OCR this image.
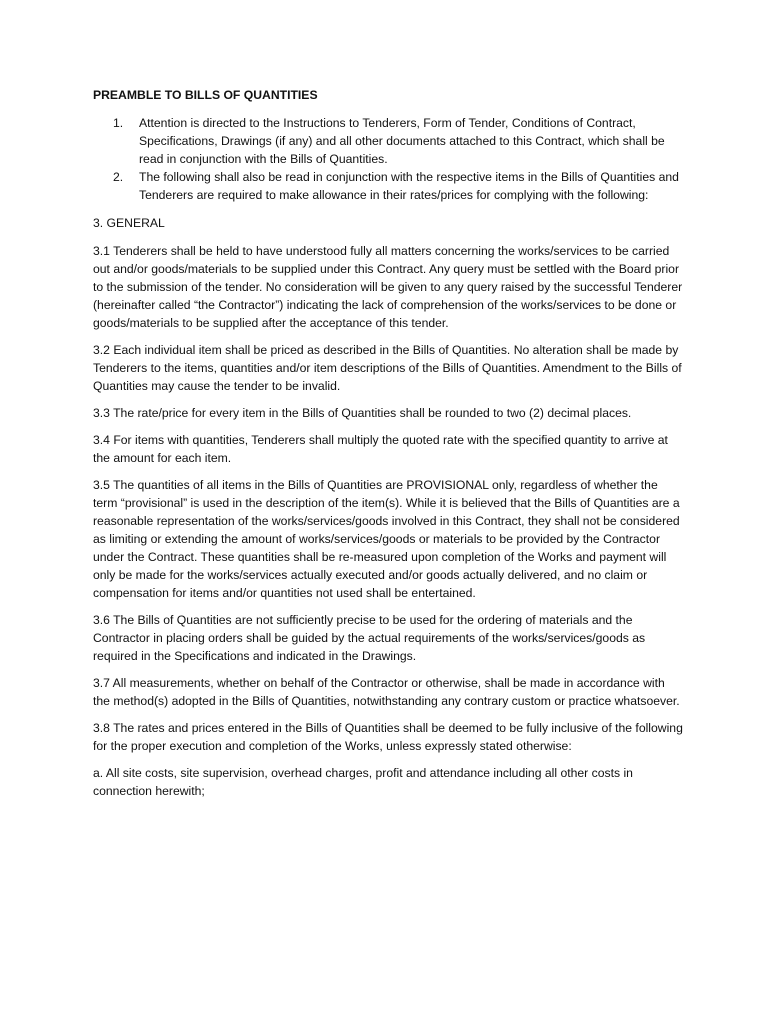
PREAMBLE TO BILLS OF QUANTITIES
1.	Attention is directed to the Instructions to Tenderers, Form of Tender, Conditions of Contract, Specifications, Drawings (if any) and all other documents attached to this Contract, which shall be read in conjunction with the Bills of Quantities.
2.	The following shall also be read in conjunction with the respective items in the Bills of Quantities and Tenderers are required to make allowance in their rates/prices for complying with the following:
3. GENERAL

3.1 Tenderers shall be held to have understood fully all matters concerning the works/services to be carried out and/or goods/materials to be supplied under this Contract. Any query must be settled with the Board prior to the submission of the tender. No consideration will be given to any query raised by the successful Tenderer (hereinafter called “the Contractor”) indicating the lack of comprehension of the works/services to be done or goods/materials to be supplied after the acceptance of this tender.

3.2 Each individual item shall be priced as described in the Bills of Quantities. No alteration shall be made by Tenderers to the items, quantities and/or item descriptions of the Bills of Quantities. Amendment to the Bills of Quantities may cause the tender to be invalid.

3.3 The rate/price for every item in the Bills of Quantities shall be rounded to two (2) decimal places.

3.4 For items with quantities, Tenderers shall multiply the quoted rate with the specified quantity to arrive at the amount for each item.

3.5 The quantities of all items in the Bills of Quantities are PROVISIONAL only, regardless of whether the term “provisional” is used in the description of the item(s). While it is believed that the Bills of Quantities are a reasonable representation of the works/services/goods involved in this Contract, they shall not be considered as limiting or extending the amount of works/services/goods or materials to be provided by the Contractor under the Contract. These quantities shall be re-measured upon completion of the Works and payment will only be made for the works/services actually executed and/or goods actually delivered, and no claim or compensation for items and/or quantities not used shall be entertained.

3.6 The Bills of Quantities are not sufficiently precise to be used for the ordering of materials and the Contractor in placing orders shall be guided by the actual requirements of the works/services/goods as required in the Specifications and indicated in the Drawings.

3.7 All measurements, whether on behalf of the Contractor or otherwise, shall be made in accordance with the method(s) adopted in the Bills of Quantities, notwithstanding any contrary custom or practice whatsoever.

3.8 The rates and prices entered in the Bills of Quantities shall be deemed to be fully inclusive of the following for the proper execution and completion of the Works, unless expressly stated otherwise:

a. All site costs, site supervision, overhead charges, profit and attendance including all other costs in connection herewith;
